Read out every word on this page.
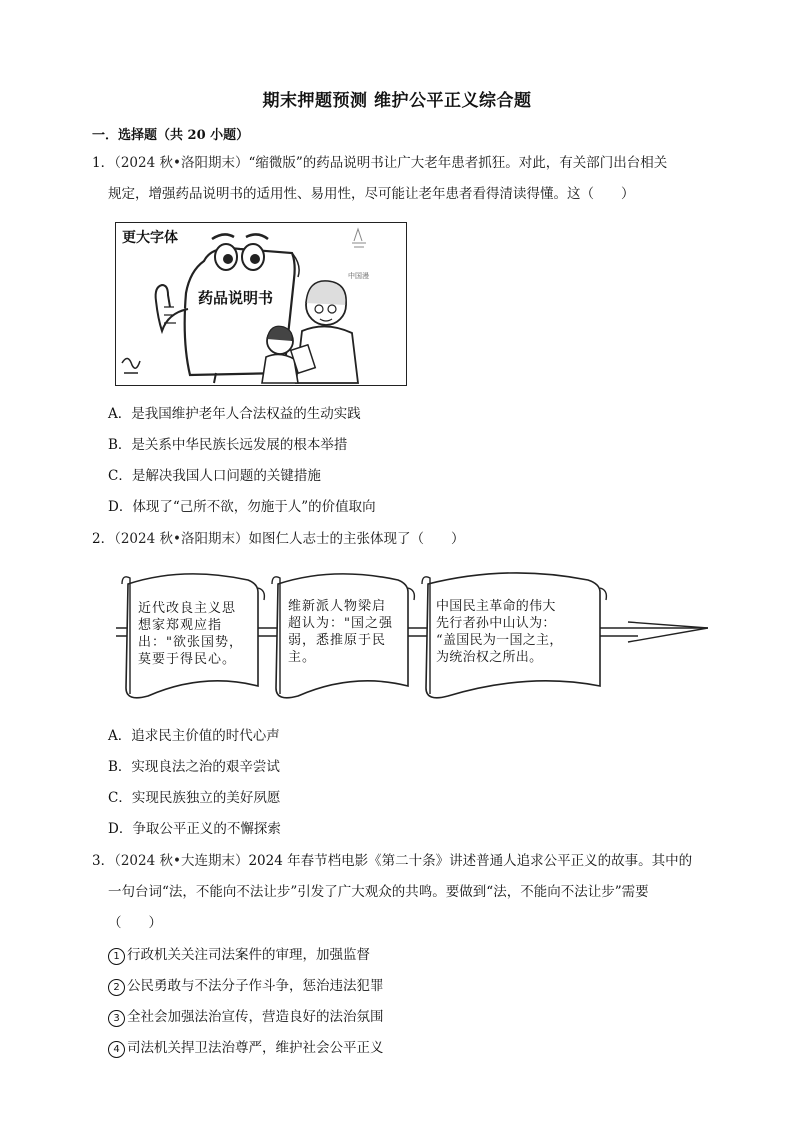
期末押题预测 维护公平正义综合题
一．选择题（共 20 小题）
1．（2024 秋•洛阳期末）“缩微版”的药品说明书让广大老年患者抓狂。对此，有关部门出台相关
规定，增强药品说明书的适用性、易用性，尽可能让老年患者看得清读得懂。这（　　）
更大字体
药品说明书
中国漫
A．是我国维护老年人合法权益的生动实践
B．是关系中华民族长远发展的根本举措
C．是解决我国人口问题的关键措施
D．体现了“己所不欲，勿施于人”的价值取向
2．（2024 秋•洛阳期末）如图仁人志士的主张体现了（　　）
近代改良主义思
想家郑观应指
出："欲张国势，
莫要于得民心。
维新派人物梁启
超认为："国之强
弱，悉推原于民
主。
中国民主革命的伟大
先行者孙中山认为：
“盖国民为一国之主，
为统治权之所出。
A．追求民主价值的时代心声
B．实现良法之治的艰辛尝试
C．实现民族独立的美好夙愿
D．争取公平正义的不懈探索
3．（2024 秋•大连期末）2024 年春节档电影《第二十条》讲述普通人追求公平正义的故事。其中的
一句台词“法，不能向不法让步”引发了广大观众的共鸣。要做到“法，不能向不法让步”需要
（　　）
1 行政机关关注司法案件的审理，加强监督
2 公民勇敢与不法分子作斗争，惩治违法犯罪
3 全社会加强法治宣传，营造良好的法治氛围
4 司法机关捍卫法治尊严，维护社会公平正义
